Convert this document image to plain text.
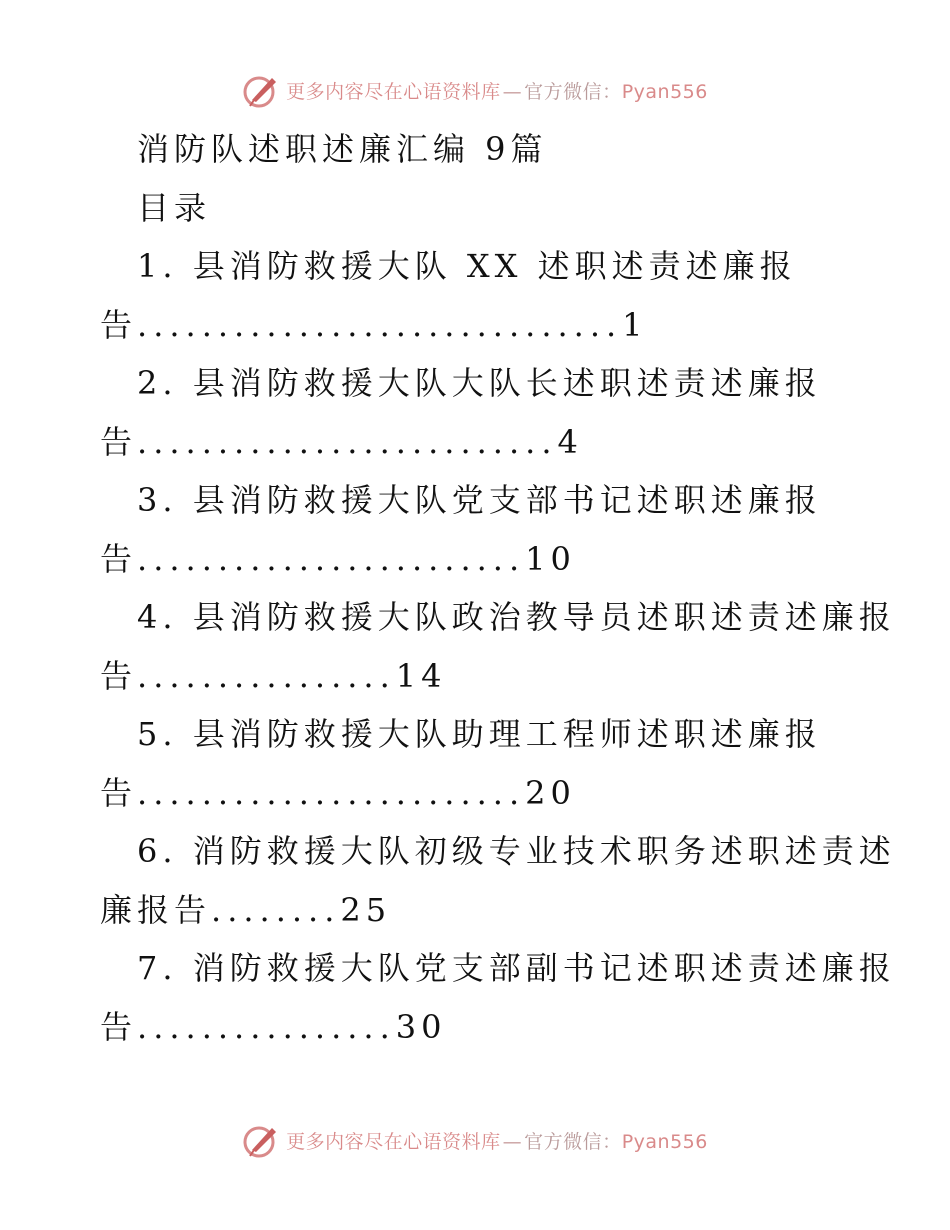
更多内容尽在心语资料库 — 官方微信：Pyan556
消防队述职述廉汇编 9篇
目录
1. 县消防救援大队 XX 述职述责述廉报
告..............................1
2. 县消防救援大队大队长述职述责述廉报
告..........................4
3. 县消防救援大队党支部书记述职述廉报
告........................10
4. 县消防救援大队政治教导员述职述责述廉报
告................14
5. 县消防救援大队助理工程师述职述廉报
告........................20
6. 消防救援大队初级专业技术职务述职述责述
廉报告........25
7. 消防救援大队党支部副书记述职述责述廉报
告................30
更多内容尽在心语资料库 — 官方微信：Pyan556
